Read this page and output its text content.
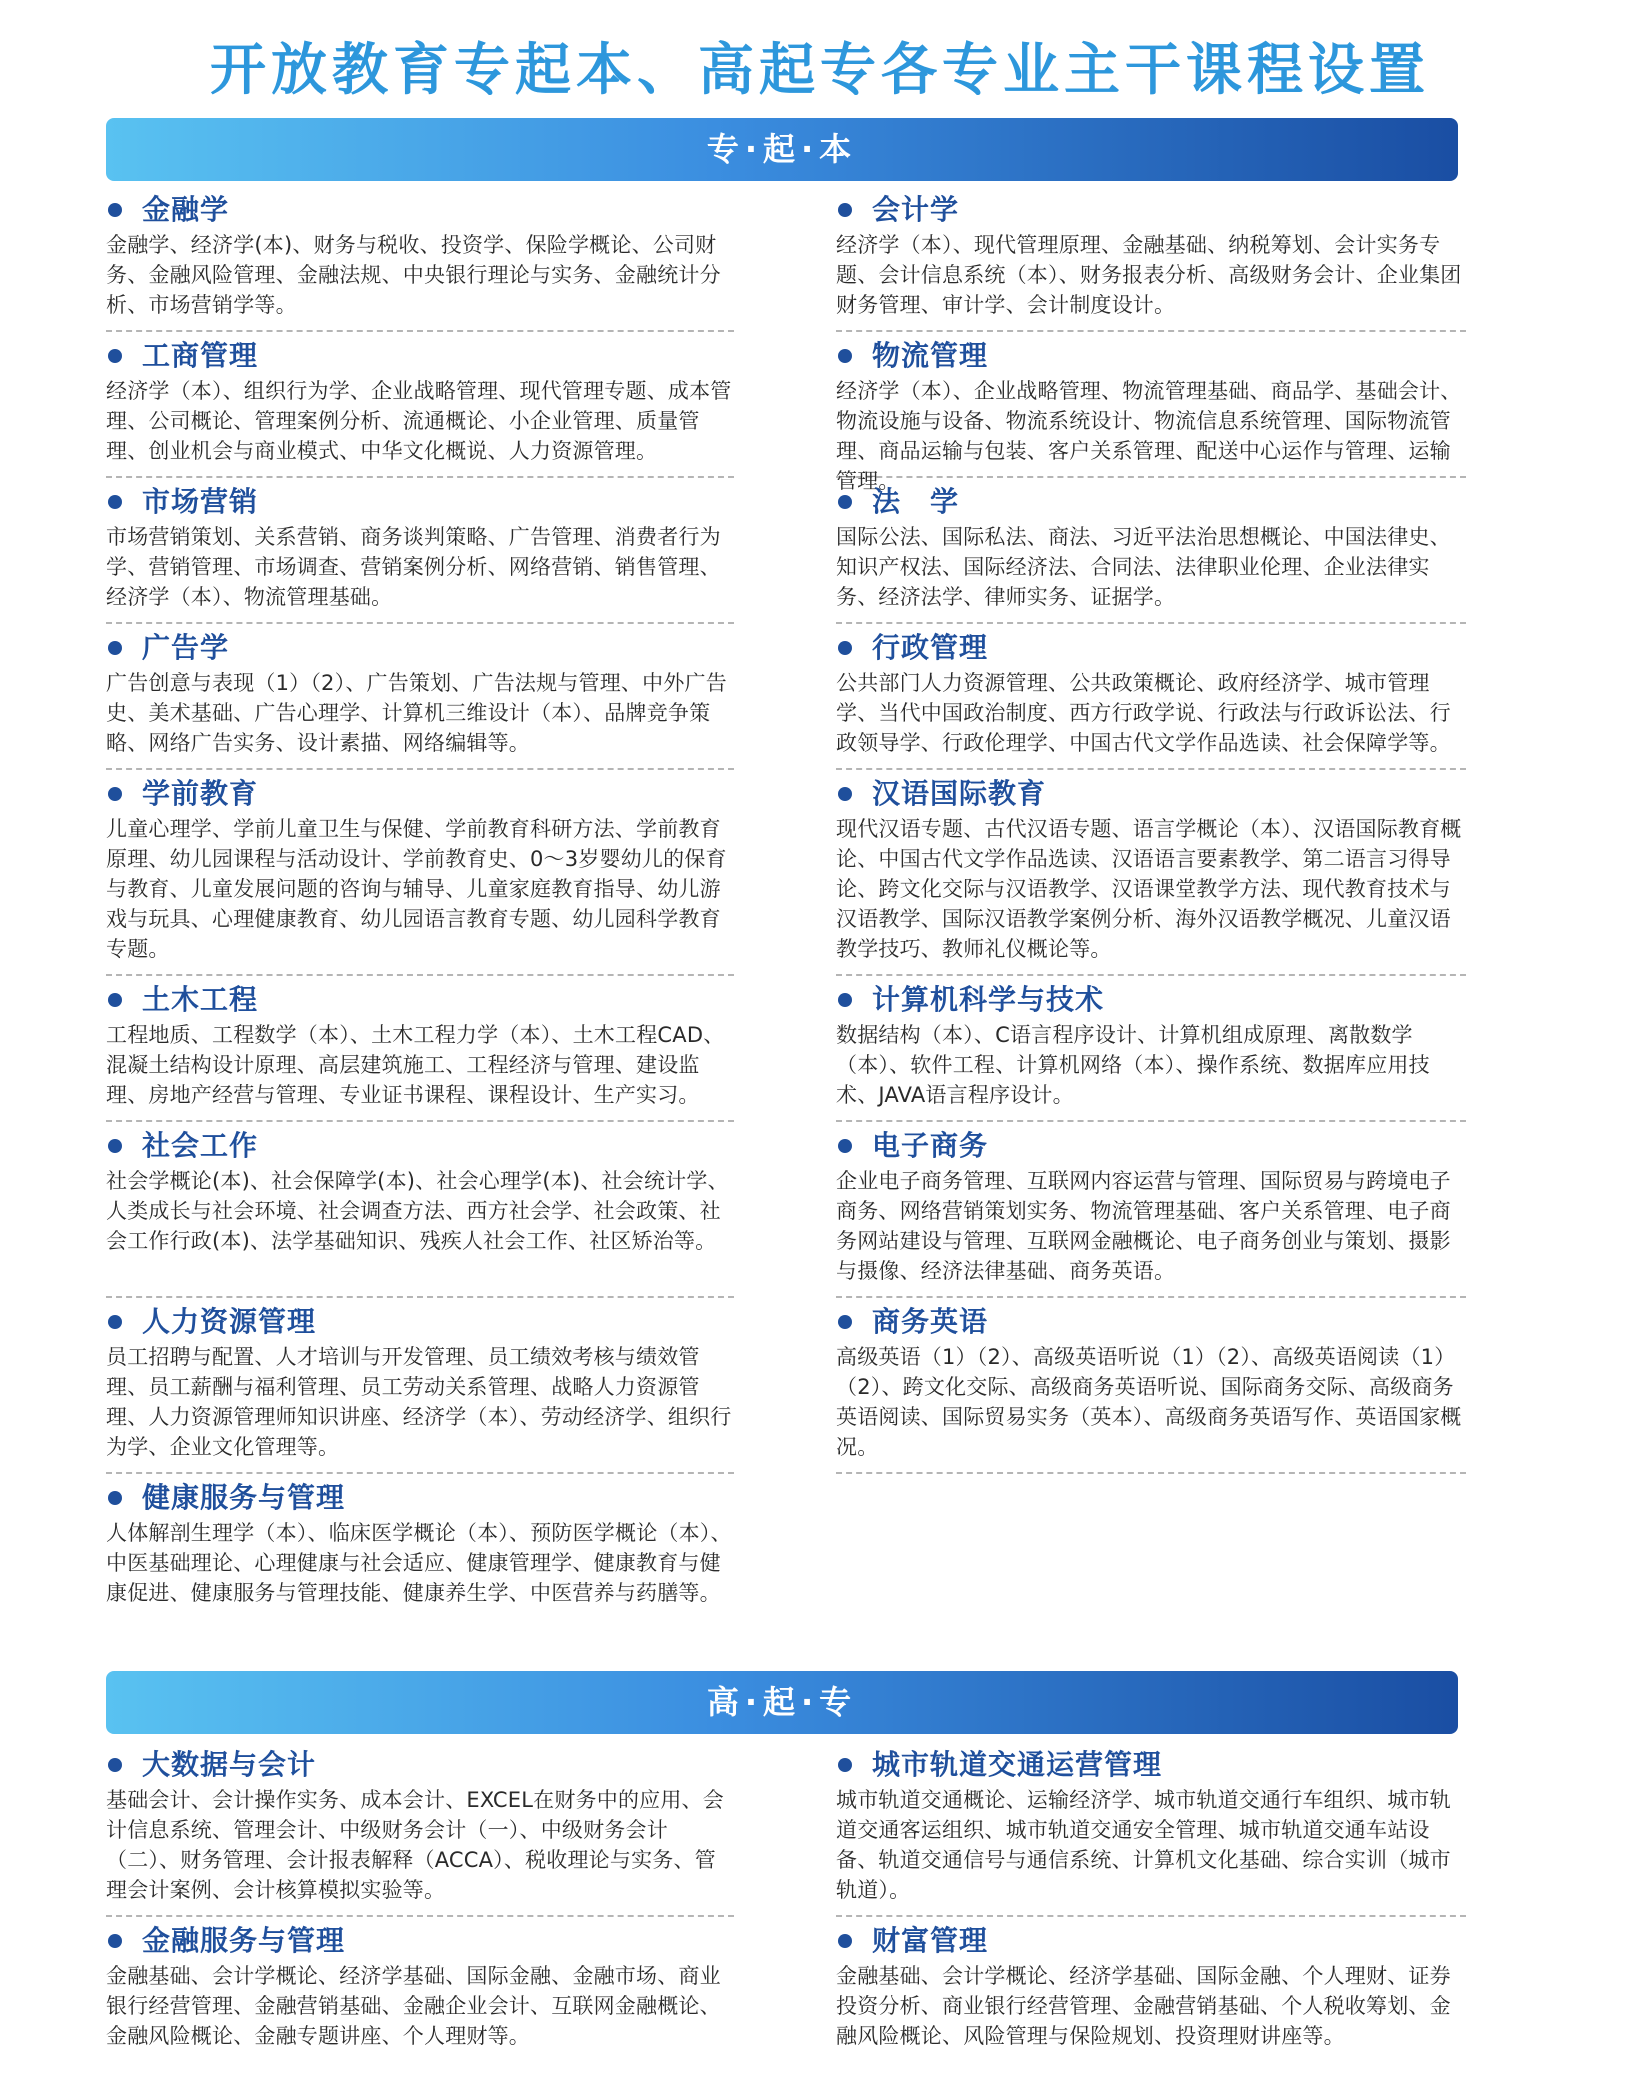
开放教育专起本、高起专各专业主干课程设置
专·起·本
金融学

金融学、经济学(本)、财务与税收、投资学、保险学概论、公司财务、金融风险管理、金融法规、中央银行理论与实务、金融统计分析、市场营销学等。

工商管理

经济学（本）、组织行为学、企业战略管理、现代管理专题、成本管理、公司概论、管理案例分析、流通概论、小企业管理、质量管理、创业机会与商业模式、中华文化概说、人力资源管理。

市场营销

市场营销策划、关系营销、商务谈判策略、广告管理、消费者行为学、营销管理、市场调查、营销案例分析、网络营销、销售管理、经济学（本）、物流管理基础。

广告学

广告创意与表现（1）（2）、广告策划、广告法规与管理、中外广告史、美术基础、广告心理学、计算机三维设计（本）、品牌竞争策略、网络广告实务、设计素描、网络编辑等。

学前教育

儿童心理学、学前儿童卫生与保健、学前教育科研方法、学前教育原理、幼儿园课程与活动设计、学前教育史、0～3岁婴幼儿的保育与教育、儿童发展问题的咨询与辅导、儿童家庭教育指导、幼儿游戏与玩具、心理健康教育、幼儿园语言教育专题、幼儿园科学教育专题。

土木工程

工程地质、工程数学（本）、土木工程力学（本）、土木工程CAD、混凝土结构设计原理、高层建筑施工、工程经济与管理、建设监理、房地产经营与管理、专业证书课程、课程设计、生产实习。

社会工作

社会学概论(本)、社会保障学(本)、社会心理学(本)、社会统计学、人类成长与社会环境、社会调查方法、西方社会学、社会政策、社会工作行政(本)、法学基础知识、残疾人社会工作、社区矫治等。

人力资源管理

员工招聘与配置、人才培训与开发管理、员工绩效考核与绩效管理、员工薪酬与福利管理、员工劳动关系管理、战略人力资源管理、人力资源管理师知识讲座、经济学（本）、劳动经济学、组织行为学、企业文化管理等。

健康服务与管理

人体解剖生理学（本）、临床医学概论（本）、预防医学概论（本）、中医基础理论、心理健康与社会适应、健康管理学、健康教育与健康促进、健康服务与管理技能、健康养生学、中医营养与药膳等。

会计学

经济学（本）、现代管理原理、金融基础、纳税筹划、会计实务专题、会计信息系统（本）、财务报表分析、高级财务会计、企业集团财务管理、审计学、会计制度设计。

物流管理

经济学（本）、企业战略管理、物流管理基础、商品学、基础会计、物流设施与设备、物流系统设计、物流信息系统管理、国际物流管理、商品运输与包装、客户关系管理、配送中心运作与管理、运输管理。

法　学

国际公法、国际私法、商法、习近平法治思想概论、中国法律史、知识产权法、国际经济法、合同法、法律职业伦理、企业法律实务、经济法学、律师实务、证据学。

行政管理

公共部门人力资源管理、公共政策概论、政府经济学、城市管理学、当代中国政治制度、西方行政学说、行政法与行政诉讼法、行政领导学、行政伦理学、中国古代文学作品选读、社会保障学等。

汉语国际教育

现代汉语专题、古代汉语专题、语言学概论（本）、汉语国际教育概论、中国古代文学作品选读、汉语语言要素教学、第二语言习得导论、跨文化交际与汉语教学、汉语课堂教学方法、现代教育技术与汉语教学、国际汉语教学案例分析、海外汉语教学概况、儿童汉语教学技巧、教师礼仪概论等。

计算机科学与技术

数据结构（本）、C语言程序设计、计算机组成原理、离散数学（本）、软件工程、计算机网络（本）、操作系统、数据库应用技术、JAVA语言程序设计。

电子商务

企业电子商务管理、互联网内容运营与管理、国际贸易与跨境电子商务、网络营销策划实务、物流管理基础、客户关系管理、电子商务网站建设与管理、互联网金融概论、电子商务创业与策划、摄影与摄像、经济法律基础、商务英语。

商务英语

高级英语（1）（2）、高级英语听说（1）（2）、高级英语阅读（1）（2）、跨文化交际、高级商务英语听说、国际商务交际、高级商务英语阅读、国际贸易实务（英本）、高级商务英语写作、英语国家概况。

高·起·专
大数据与会计

基础会计、会计操作实务、成本会计、EXCEL在财务中的应用、会计信息系统、管理会计、中级财务会计（一）、中级财务会计（二）、财务管理、会计报表解释（ACCA）、税收理论与实务、管理会计案例、会计核算模拟实验等。

金融服务与管理

金融基础、会计学概论、经济学基础、国际金融、金融市场、商业银行经营管理、金融营销基础、金融企业会计、互联网金融概论、金融风险概论、金融专题讲座、个人理财等。

城市轨道交通运营管理

城市轨道交通概论、运输经济学、城市轨道交通行车组织、城市轨道交通客运组织、城市轨道交通安全管理、城市轨道交通车站设备、轨道交通信号与通信系统、计算机文化基础、综合实训（城市轨道）。

财富管理

金融基础、会计学概论、经济学基础、国际金融、个人理财、证券投资分析、商业银行经营管理、金融营销基础、个人税收筹划、金融风险概论、风险管理与保险规划、投资理财讲座等。
